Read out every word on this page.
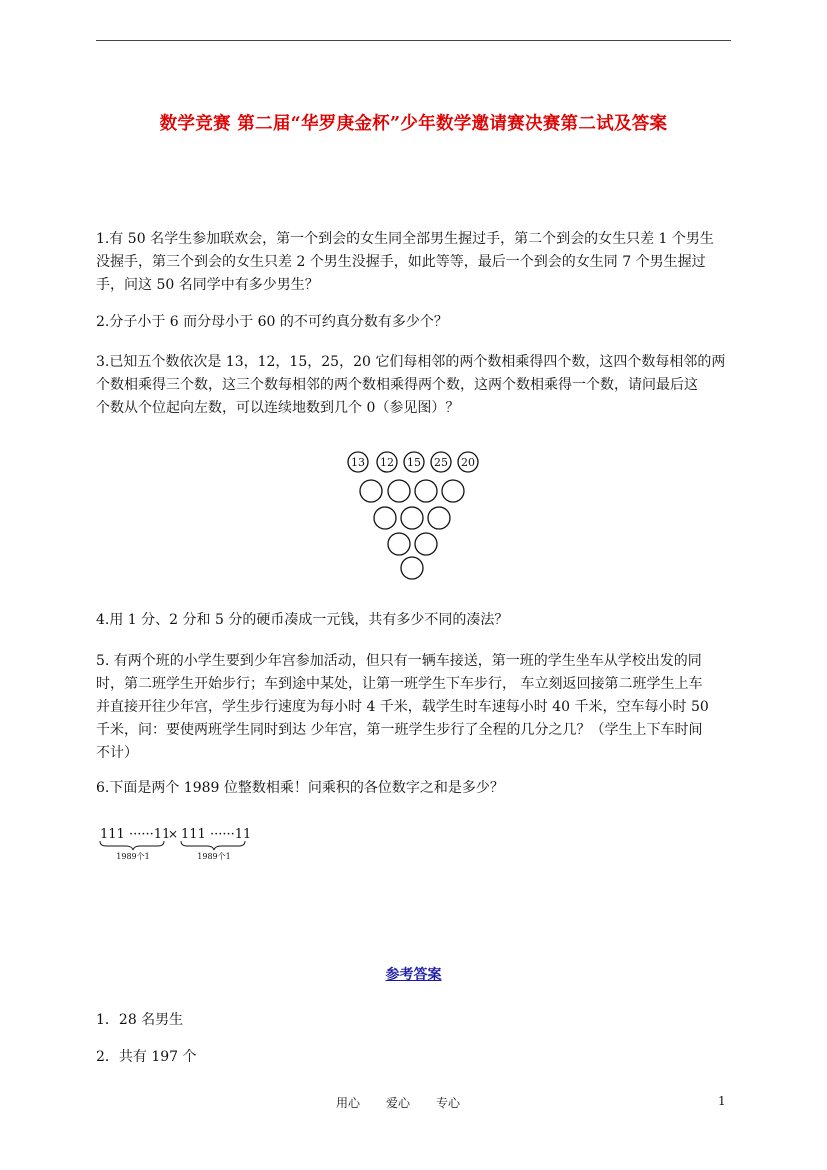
数学竞赛 第二届“华罗庚金杯”少年数学邀请赛决赛第二试及答案

1.有 50 名学生参加联欢会，第一个到会的女生同全部男生握过手，第二个到会的女生只差 1 个男生

没握手，第三个到会的女生只差 2 个男生没握手，如此等等，最后一个到会的女生同 7 个男生握过

手，问这 50 名同学中有多少男生？

2.分子小于 6 而分母小于 60 的不可约真分数有多少个？

3.已知五个数依次是 13，12，15，25，20 它们每相邻的两个数相乘得四个数，这四个数每相邻的两

个数相乘得三个数，这三个数每相邻的两个数相乘得两个数，这两个数相乘得一个数，请问最后这

个数从个位起向左数，可以连续地数到几个 0（参见图）？

13 12 15 25 20

4.用 1 分、2 分和 5 分的硬币凑成一元钱，共有多少不同的凑法？

5. 有两个班的小学生要到少年宫参加活动，但只有一辆车接送，第一班的学生坐车从学校出发的同

时，第二班学生开始步行；车到途中某处，让第一班学生下车步行， 车立刻返回接第二班学生上车

并直接开往少年宫，学生步行速度为每小时 4 千米，载学生时车速每小时 40 千米，空车每小时 50

千米，问：要使两班学生同时到达 少年宫，第一班学生步行了全程的几分之几？（学生上下车时间

不计）

6.下面是两个 1989 位整数相乘！问乘积的各位数字之和是多少？

111 ······11
× 111 ······11
1989个1	1989个1
参考答案
1．28 名男生
2．共有 197 个
用心 爱心 专心	1
